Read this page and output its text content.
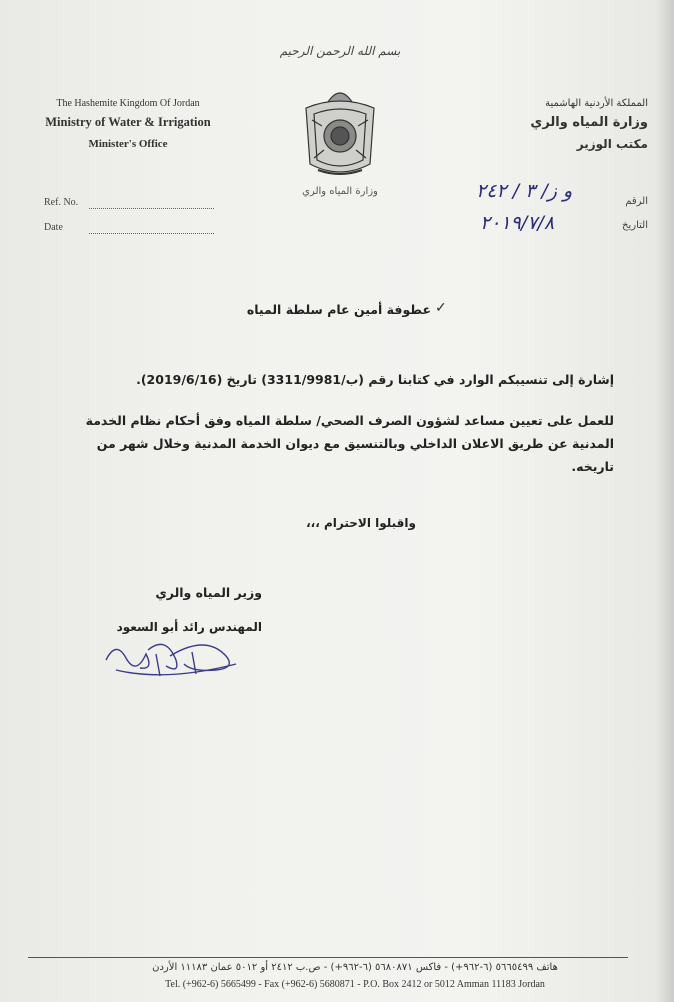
بسم الله الرحمن الرحيم
The Hashemite Kingdom Of Jordan
Ministry of Water & Irrigation
Minister's Office
Ref. No.
Date
وزارة المياه والري
المملكة الأردنية الهاشمية
وزارة المياه والري
مكتب الوزير
الرقم
التاريخ
و ز/ ٣ / ٢٤٢
٢٠١٩/٧/٨
✓
عطوفة أمين عام سلطة المياه
إشارة إلى تنسيبكم الوارد في كتابنا رقم (ب/3311/9981) تاريخ (2019/6/16).
للعمل على تعيين مساعد لشؤون الصرف الصحي/ سلطة المياه وفق أحكام نظام الخدمة المدنية عن طريق الاعلان الداخلي وبالتنسيق مع ديوان الخدمة المدنية وخلال شهر من تاريخه.
واقبلوا الاحترام ،،،
وزير المياه والري
المهندس رائد أبو السعود
هاتف ٥٦٦٥٤٩٩ (٦-٩٦٢+) - فاكس ٥٦٨٠٨٧١ (٦-٩٦٢+) - ص.ب ٢٤١٢ أو ٥٠١٢ عمان ١١١٨٣ الأردن
Tel. (+962-6) 5665499 - Fax (+962-6) 5680871 - P.O. Box 2412 or 5012 Amman 11183 Jordan
